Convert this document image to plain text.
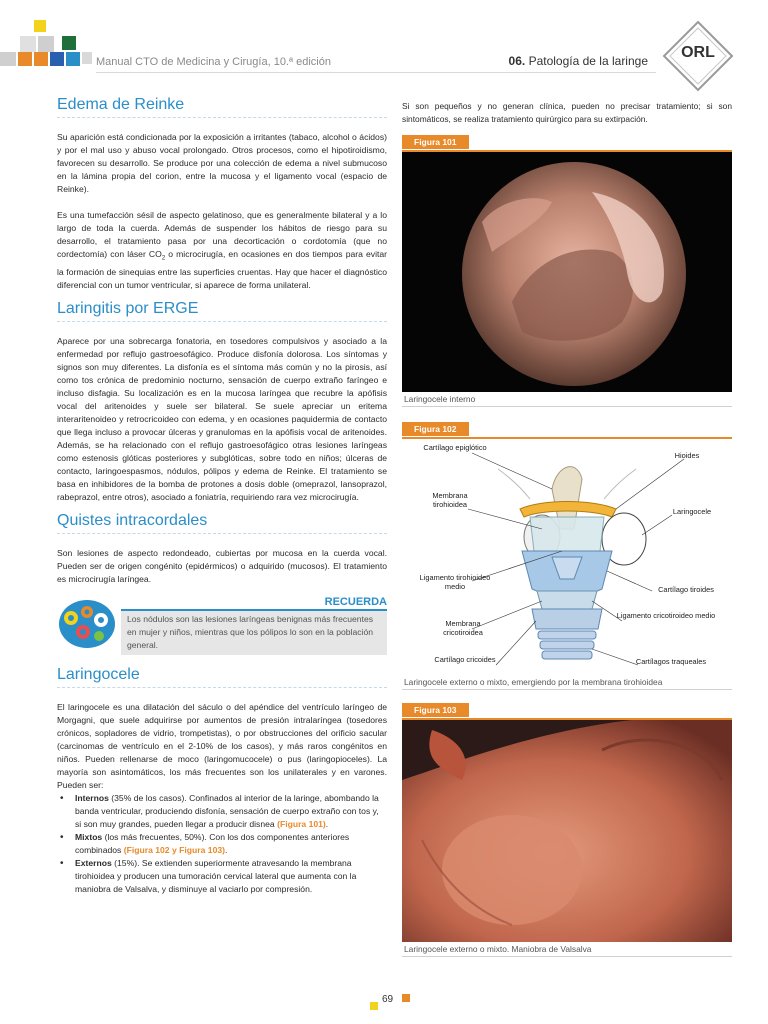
Manual CTO de Medicina y Cirugía, 10.ª edición	06. Patología de la laringe	ORL
Edema de Reinke

Su aparición está condicionada por la exposición a irritantes (tabaco, alcohol o ácidos) y por el mal uso y abuso vocal prolongado. Otros procesos, como el hipotiroidismo, favorecen su desarrollo. Se produce por una colección de edema a nivel submucoso en la lámina propia del corion, entre la mucosa y el ligamento vocal (espacio de Reinke).

Es una tumefacción sésil de aspecto gelatinoso, que es generalmente bilateral y a lo largo de toda la cuerda. Además de suspender los hábitos de riesgo para su desarrollo, el tratamiento pasa por una decorticación o cordotomía (que no cordectomía) con láser $CO_2$ o microcirugía, en ocasiones en dos tiempos para evitar la formación de sinequias entre las superficies cruentas. Hay que hacer el diagnóstico diferencial con un tumor ventricular, si aparece de forma unilateral.

Laringitis por ERGE

Aparece por una sobrecarga fonatoria, en tosedores compulsivos y asociado a la enfermedad por reflujo gastroesofágico. Produce disfonía dolorosa. Los síntomas y signos son muy diferentes. La disfonía es el síntoma más común y no la pirosis, así como tos crónica de predominio nocturno, sensación de cuerpo extraño faríngeo e incluso disfagia. Su localización es en la mucosa laríngea que recubre la apófisis vocal del aritenoides y suele ser bilateral. Se suele apreciar un eritema interaritenoideo y retrocricoideo con edema, y en ocasiones paquidermia de contacto que llega incluso a provocar úlceras y granulomas en la apófisis vocal de aritenoides. Además, se ha relacionado con el reflujo gastroesofágico otras lesiones laríngeas como estenosis glóticas posteriores y subglóticas, sobre todo en niños; úlceras de contacto, laringoespasmos, nódulos, pólipos y edema de Reinke. El tratamiento se basa en inhibidores de la bomba de protones a dosis doble (omeprazol, lansoprazol, rabeprazol, entre otros), asociado a foniatría, requiriendo rara vez microcirugía.

Quistes intracordales

Son lesiones de aspecto redondeado, cubiertas por mucosa en la cuerda vocal. Pueden ser de origen congénito (epidérmicos) o adquirido (mucosos). El tratamiento es microcirugía laríngea.

RECUERDA
Los nódulos son las lesiones laríngeas benignas más frecuentes en mujer y niños, mientras que los pólipos lo son en la población general.
Laringocele

El laringocele es una dilatación del sáculo o del apéndice del ventrículo laríngeo de Morgagni, que suele adquirirse por aumentos de presión intralaríngea (tosedores crónicos, sopladores de vidrio, trompetistas), o por obstrucciones del orificio sacular (carcinomas de ventrículo en el 2-10% de los casos), y más raros congénitos en niños. Pueden rellenarse de moco (laringomucocele) o pus (laringopioceles). La mayoría son asintomáticos, los más frecuentes son los unilaterales y en varones. Pueden ser:

• Internos (35% de los casos). Confinados al interior de la laringe, abombando la banda ventricular, produciendo disfonía, sensación de cuerpo extraño con tos y, si son muy grandes, pueden llegar a producir disnea (Figura 101).
• Mixtos (los más frecuentes, 50%). Con los dos componentes anteriores combinados (Figura 102 y Figura 103).
• Externos (15%). Se extienden superiormente atravesando la membrana tirohioidea y producen una tumoración cervical lateral que aumenta con la maniobra de Valsalva, y disminuye al vaciarlo por compresión.

Si son pequeños y no generan clínica, pueden no precisar tratamiento; si son sintomáticos, se realiza tratamiento quirúrgico para su extirpación.

Figura 101
Laringocele interno
Figura 102
Cartílago epiglótico
Hioides
Membrana tirohioidea
Laringocele
Ligamento tirohioideo medio	Cartílago tiroides
Membrana cricotiroidea
Ligamento cricotiroideo medio
Cartílago cricoides	Cartílagos traqueales
Laringocele externo o mixto, emergiendo por la membrana tirohioidea
Figura 103
Laringocele externo o mixto. Maniobra de Valsalva
69
